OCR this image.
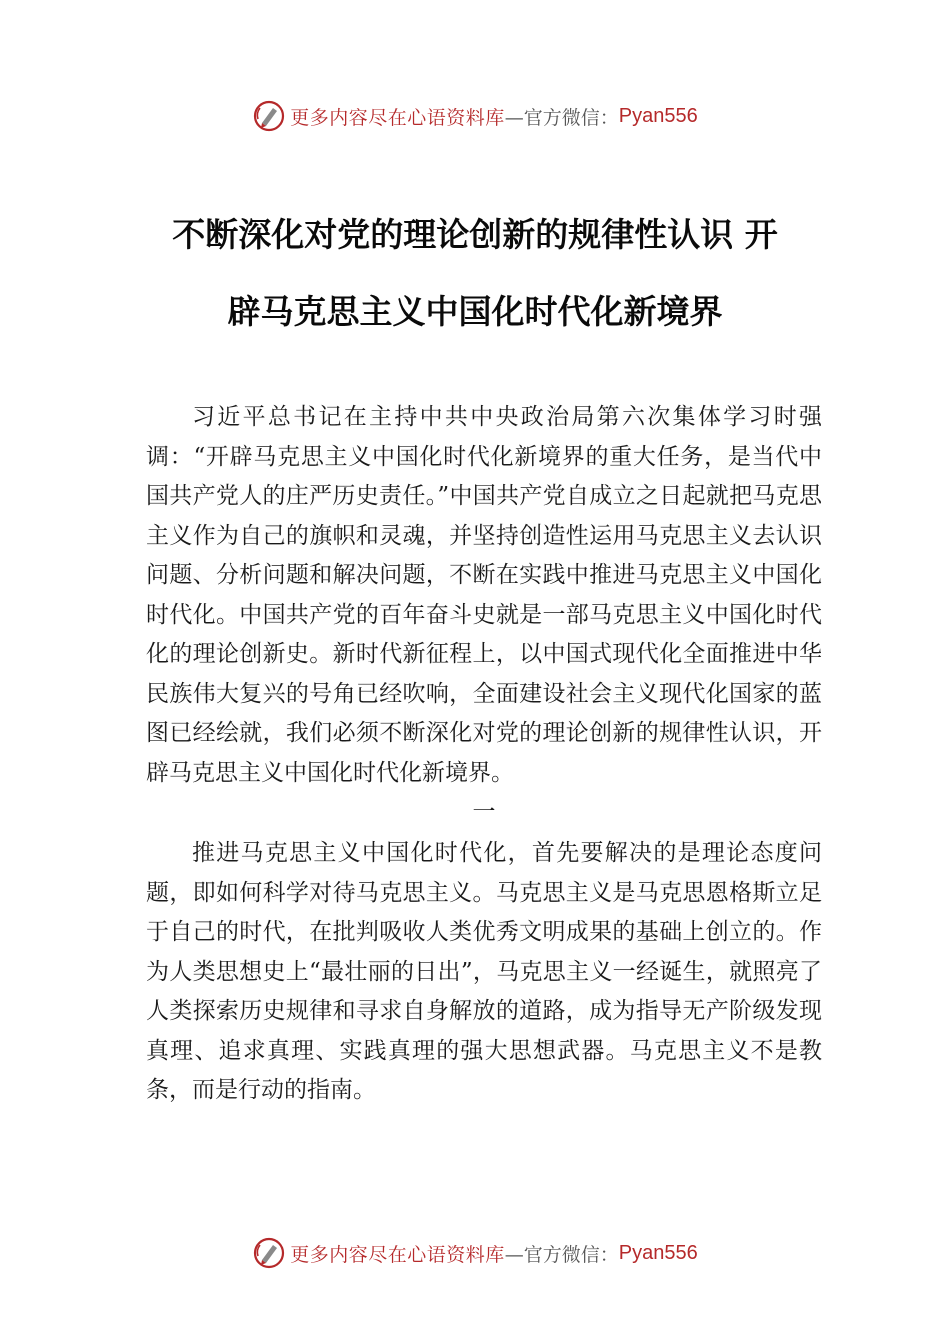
更多内容尽在心语资料库 —官方微信： Pyan556
不断深化对党的理论创新的规律性认识 开
辟马克思主义中国化时代化新境界

习近平总书记在主持中共中央政治局第六次集体学习时强调：“开辟马克思主义中国化时代化新境界的重大任务，是当代中国共产党人的庄严历史责任。”中国共产党自成立之日起就把马克思主义作为自己的旗帜和灵魂，并坚持创造性运用马克思主义去认识问题、分析问题和解决问题，不断在实践中推进马克思主义中国化时代化。中国共产党的百年奋斗史就是一部马克思主义中国化时代化的理论创新史。新时代新征程上，以中国式现代化全面推进中华民族伟大复兴的号角已经吹响，全面建设社会主义现代化国家的蓝图已经绘就，我们必须不断深化对党的理论创新的规律性认识，开辟马克思主义中国化时代化新境界。

一

推进马克思主义中国化时代化，首先要解决的是理论态度问题，即如何科学对待马克思主义。马克思主义是马克思恩格斯立足于自己的时代，在批判吸收人类优秀文明成果的基础上创立的。作为人类思想史上“最壮丽的日出”，马克思主义一经诞生，就照亮了人类探索历史规律和寻求自身解放的道路，成为指导无产阶级发现真理、追求真理、实践真理的强大思想武器。马克思主义不是教条，而是行动的指南。

更多内容尽在心语资料库 —官方微信： Pyan556
